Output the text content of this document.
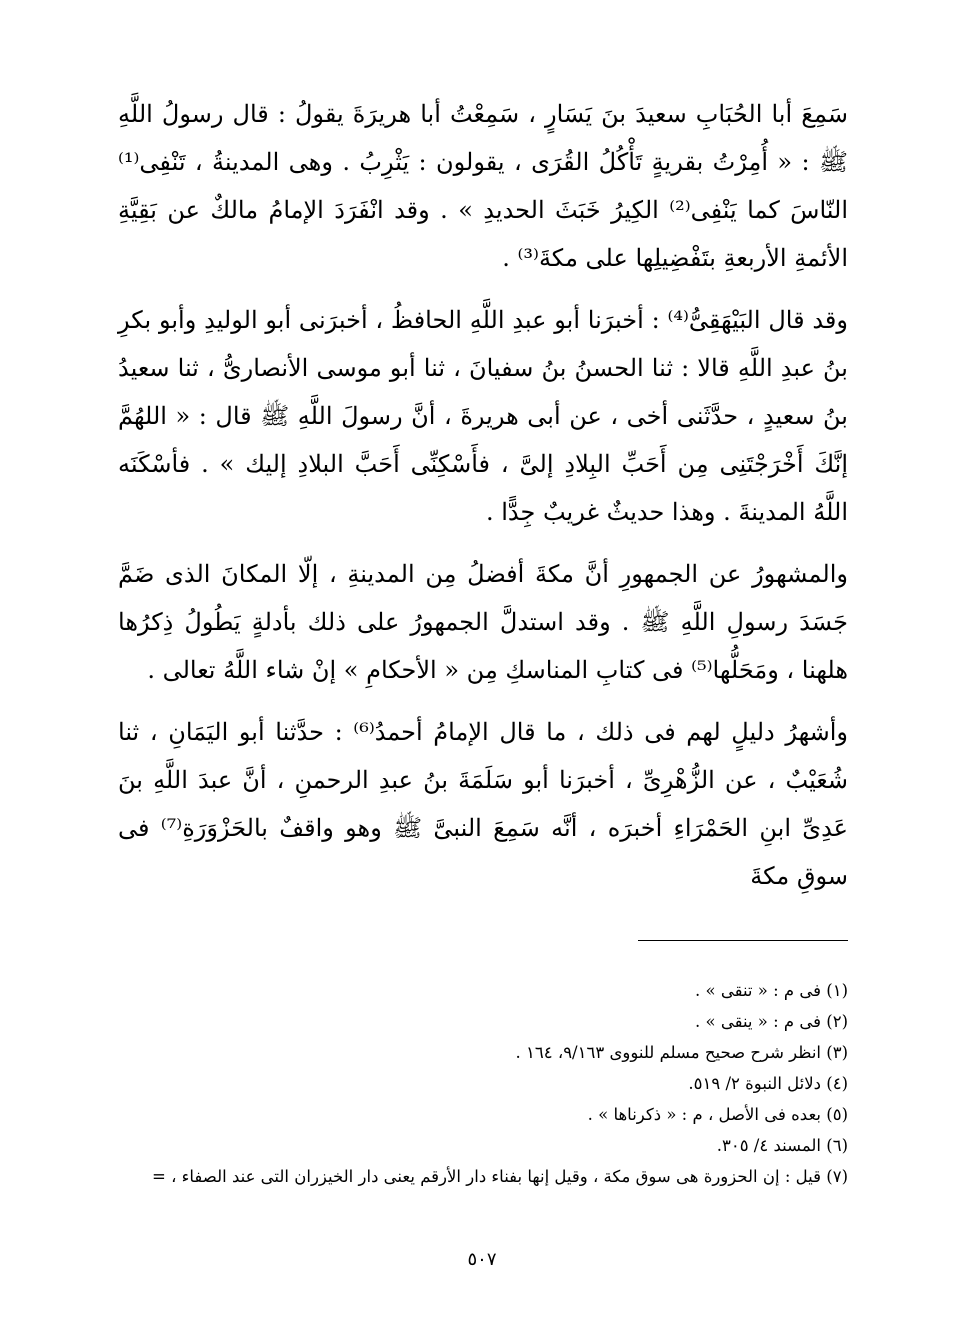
سَمِعَ أبا الحُبَابِ سعيدَ بنَ يَسَارٍ ، سَمِعْتُ أبا هريرَةَ يقولُ : قال رسولُ اللَّهِ ﷺ : « أُمِرْتُ بقريةٍ تَأْكُلُ القُرَى ، يقولون : يَثْرِبُ . وهى المدينةُ ، تَنْفِى⁽¹⁾ النّاسَ كما يَنْفِى⁽²⁾ الكِيرُ خَبَثَ الحديدِ » . وقد انْفَرَدَ الإمامُ مالكٌ عن بَقِيَّةِ الأئمةِ الأربعةِ بتَفْضِيلِها على مكةَ⁽³⁾ .

وقد قال البَيْهَقِىُّ⁽⁴⁾ : أخبرَنا أبو عبدِ اللَّهِ الحافظُ ، أخبرَنى أبو الوليدِ وأبو بكرِ بنُ عبدِ اللَّهِ قالا : ثنا الحسنُ بنُ سفيانَ ، ثنا أبو موسى الأنصارىُّ ، ثنا سعيدُ بنُ سعيدٍ ، حدَّثَنى أخى ، عن أبى هريرةَ ، أنَّ رسولَ اللَّهِ ﷺ قال : « اللهُمَّ إنَّكَ أَخْرَجْتَنِى مِن أَحَبِّ البِلادِ إلىَّ ، فأَسْكِنِّى أَحَبَّ البلادِ إليك » . فأسْكَنَه اللَّهُ المدينةَ . وهذا حديثٌ غريبٌ جِدًّا .

والمشهورُ عن الجمهورِ أنَّ مكةَ أفضلُ مِن المدينةِ ، إلّا المكانَ الذى ضَمَّ جَسَدَ رسولِ اللَّهِ ﷺ . وقد استدلَّ الجمهورُ على ذلك بأدلةٍ يَطُولُ ذِكرُها هلهنا ، ومَحَلُّها⁽⁵⁾ فى كتابِ المناسكِ مِن « الأحكامِ » إنْ شاء اللَّهُ تعالى .

وأشهرُ دليلٍ لهم فى ذلك ، ما قال الإمامُ أحمدُ⁽⁶⁾ : حدَّثنا أبو اليَمَانِ ، ثنا شُعَيْبٌ ، عن الزُّهْرِىِّ ، أخبرَنا أبو سَلَمَةَ بنُ عبدِ الرحمنِ ، أنَّ عبدَ اللَّهِ بنَ عَدِىِّ ابنِ الحَمْرَاءِ أخبرَه ، أنَّه سَمِعَ النبىَّ ﷺ وهو واقفٌ بالحَزْوَرَةِ⁽⁷⁾ فى سوقِ مكةَ

(١) فى م : « تنقى » .

(٢) فى م : « ينقى » .

(٣) انظر شرح صحيح مسلم للنووى ٩/١٦٣، ١٦٤ .

(٤) دلائل النبوة ٢/ ٥١٩.

(٥) بعده فى الأصل ، م : « ذكرناها » .

(٦) المسند ٤/ ٣٠٥.

(٧) قيل : إن الحزورة هى سوق مكة ، وقيل إنها بفناء دار الأرقم يعنى دار الخيزران التى عند الصفاء ، =

٥٠٧
